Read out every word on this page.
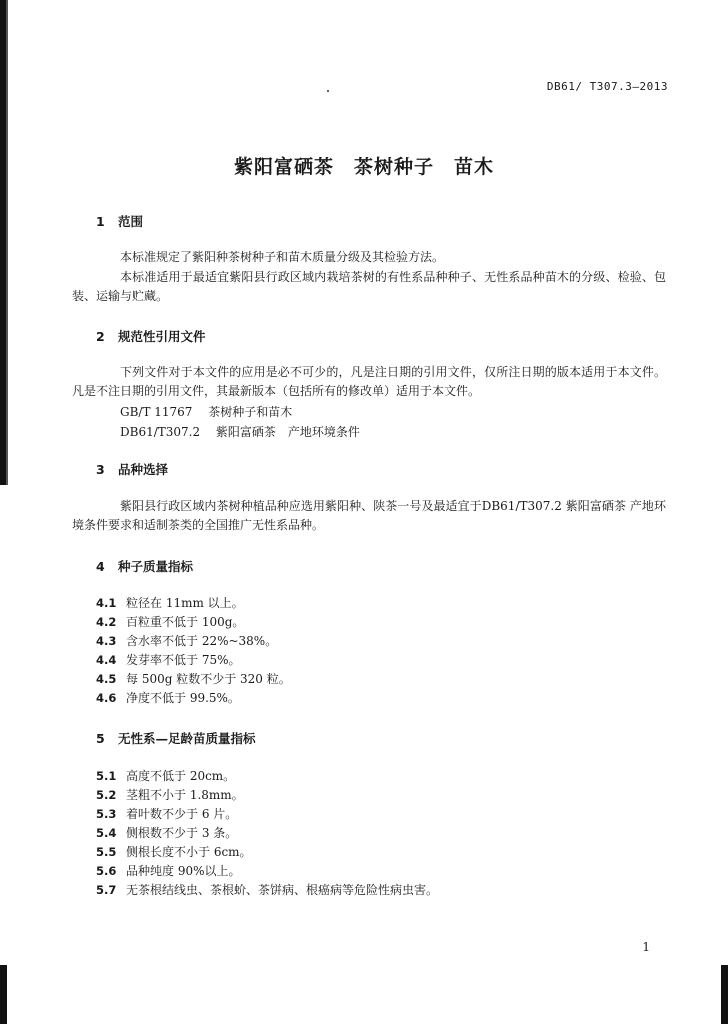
DB61/ T307.3—2013
紫阳富硒茶　茶树种子　苗木
1 范围
本标准规定了紫阳种茶树种子和苗木质量分级及其检验方法。
本标准适用于最适宜紫阳县行政区域内栽培茶树的有性系品种种子、无性系品种苗木的分级、检验、包装、运输与贮藏。
2 规范性引用文件
下列文件对于本文件的应用是必不可少的，凡是注日期的引用文件，仅所注日期的版本适用于本文件。凡是不注日期的引用文件，其最新版本（包括所有的修改单）适用于本文件。
GB/T 11767　 茶树种子和苗木
DB61/T307.2　 紫阳富硒茶　产地环境条件
3 品种选择
紫阳县行政区域内茶树种植品种应选用紫阳种、陕茶一号及最适宜于DB61/T307.2 紫阳富硒茶 产地环境条件要求和适制茶类的全国推广无性系品种。
4 种子质量指标
4.1 粒径在 11mm 以上。
4.2 百粒重不低于 100g。
4.3 含水率不低于 22%~38%。
4.4 发芽率不低于 75%。
4.5 每 500g 粒数不少于 320 粒。
4.6 净度不低于 99.5%。
5 无性系—足龄苗质量指标
5.1 高度不低于 20cm。
5.2 茎粗不小于 1.8mm。
5.3 着叶数不少于 6 片。
5.4 侧根数不少于 3 条。
5.5 侧根长度不小于 6cm。
5.6 品种纯度 90%以上。
5.7 无茶根结线虫、茶根蚧、茶饼病、根癌病等危险性病虫害。
1
